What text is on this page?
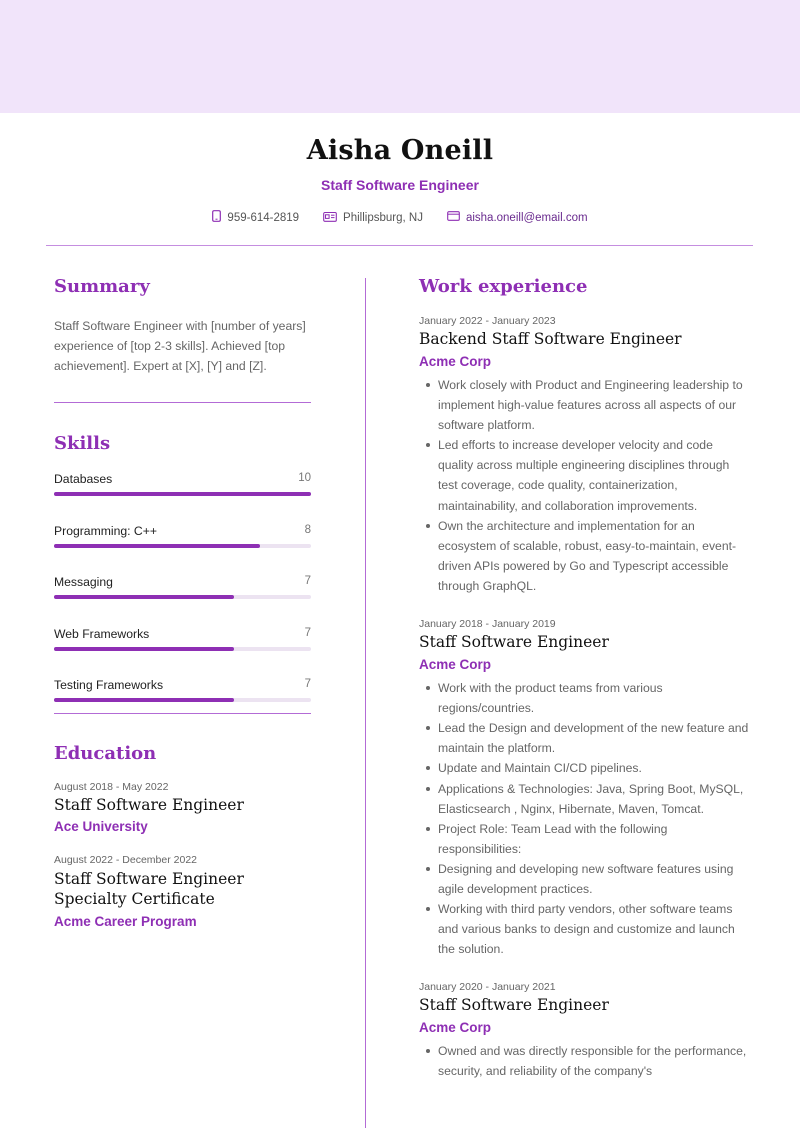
Aisha Oneill
Staff Software Engineer
959-614-2819	Phillipsburg, NJ	aisha.oneill@email.com
Summary
Staff Software Engineer with [number of years] experience of [top 2-3 skills]. Achieved [top achievement]. Expert at [X], [Y] and [Z].
Skills
Databases	10
Programming: C++	8
Messaging	7
Web Frameworks	7
Testing Frameworks	7
Education
August 2018 - May 2022
Staff Software Engineer
Ace University
August 2022 - December 2022
Staff Software Engineer Specialty Certificate
Acme Career Program
Work experience
January 2022 - January 2023
Backend Staff Software Engineer
Acme Corp
Work closely with Product and Engineering leadership to implement high-value features across all aspects of our software platform.
Led efforts to increase developer velocity and code quality across multiple engineering disciplines through test coverage, code quality, containerization, maintainability, and collaboration improvements.
Own the architecture and implementation for an ecosystem of scalable, robust, easy-to-maintain, event-driven APIs powered by Go and Typescript accessible through GraphQL.
January 2018 - January 2019
Staff Software Engineer
Acme Corp
Work with the product teams from various regions/countries.
Lead the Design and development of the new feature and maintain the platform.
Update and Maintain CI/CD pipelines.
Applications & Technologies: Java, Spring Boot, MySQL, Elasticsearch , Nginx, Hibernate, Maven, Tomcat.
Project Role: Team Lead with the following responsibilities:
Designing and developing new software features using agile development practices.
Working with third party vendors, other software teams and various banks to design and customize and launch the solution.
January 2020 - January 2021
Staff Software Engineer
Acme Corp
Owned and was directly responsible for the performance, security, and reliability of the company's
